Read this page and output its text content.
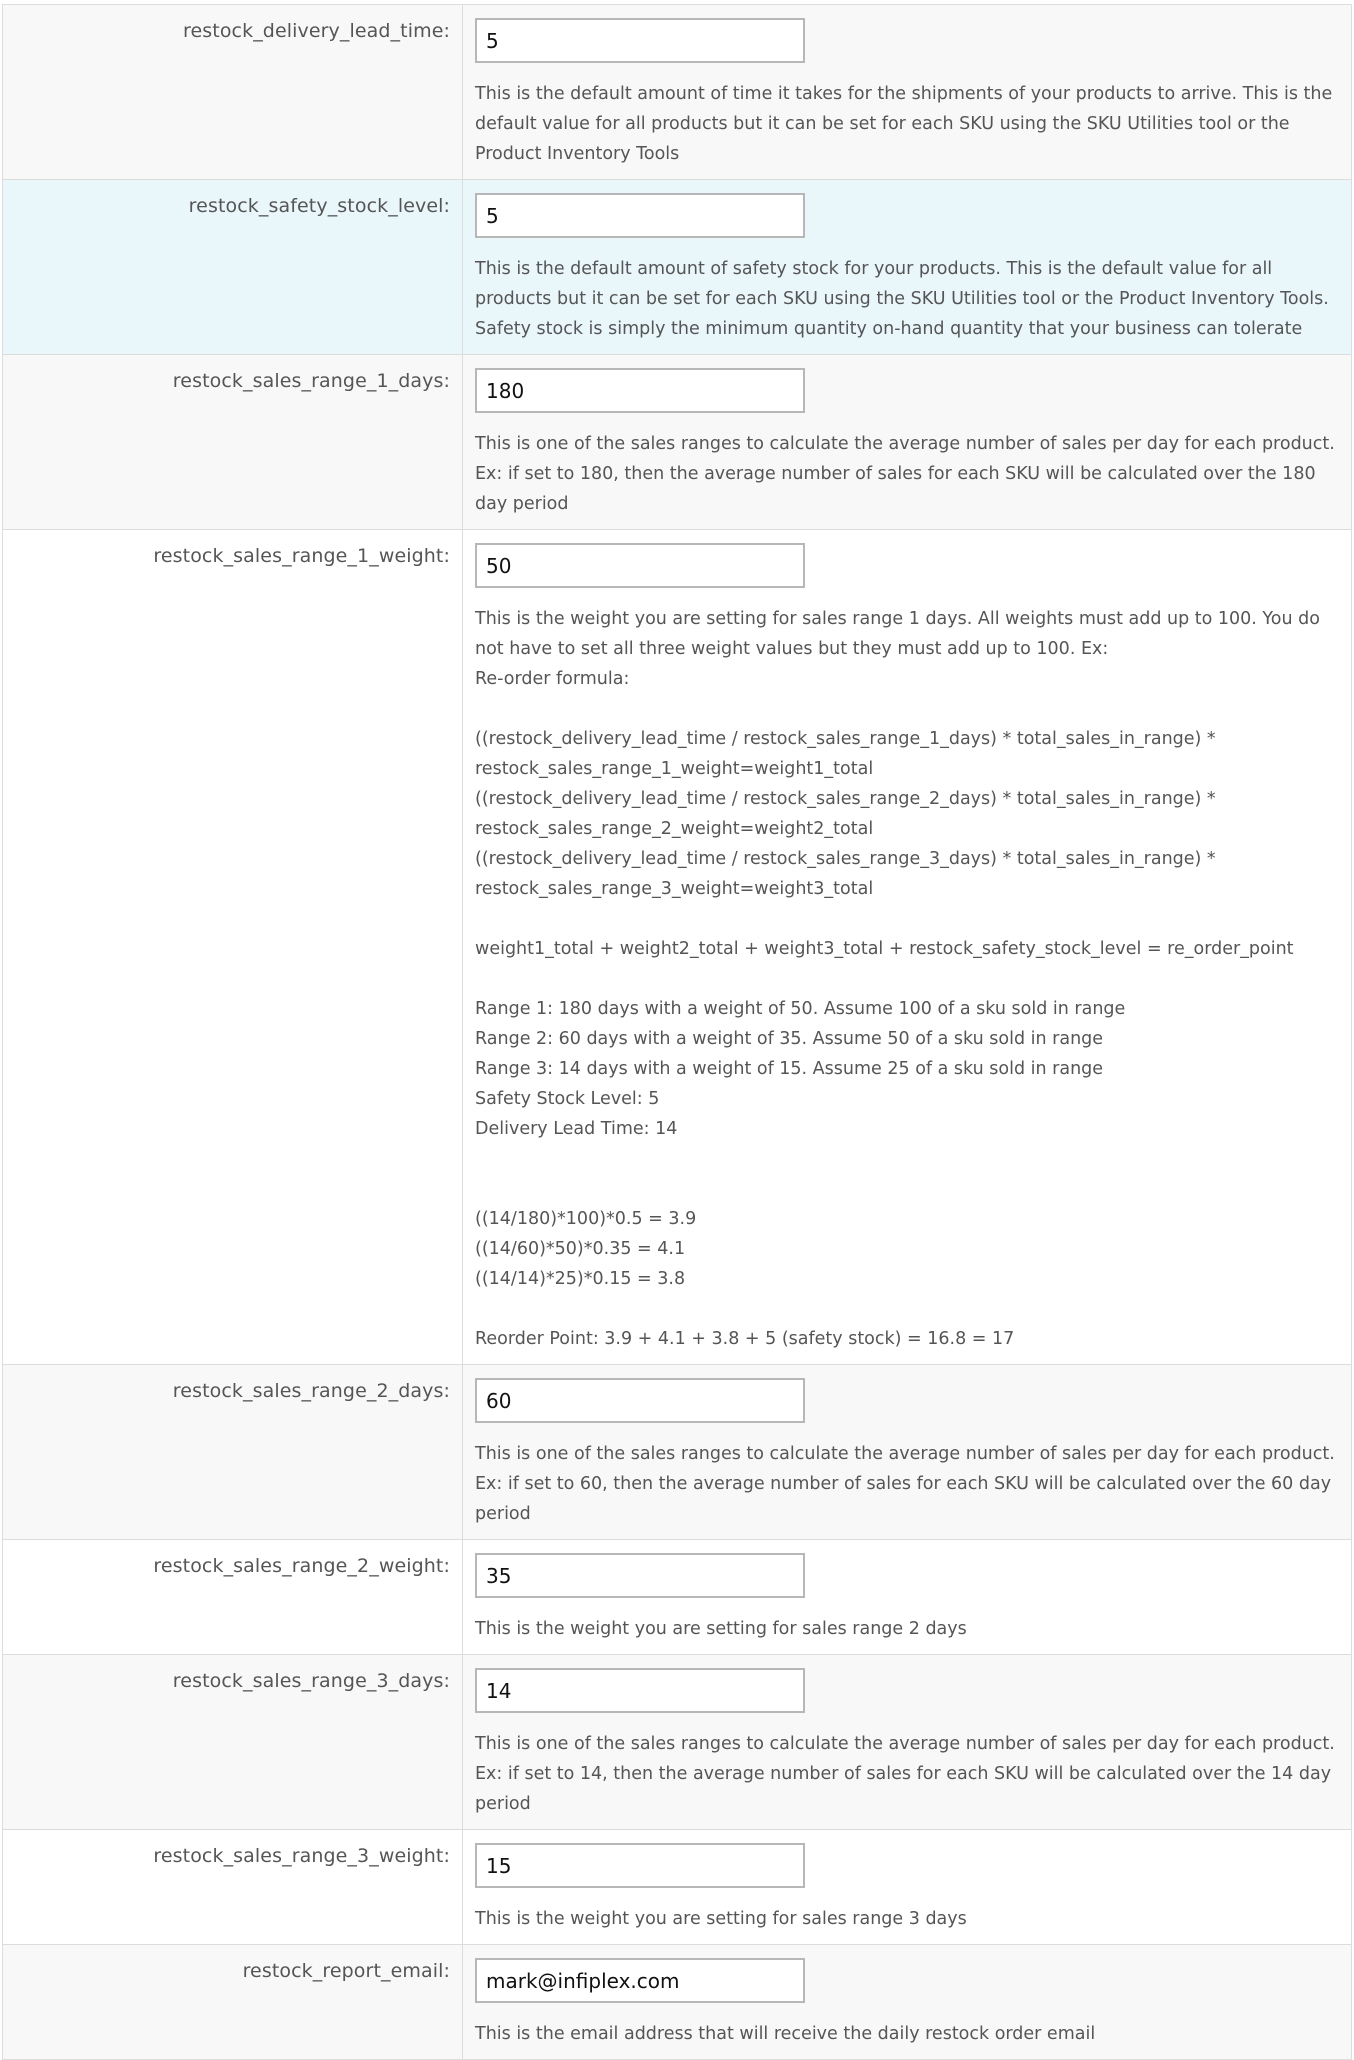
restock_delivery_lead_time:
5
This is the default amount of time it takes for the shipments of your products to arrive. This is the default value for all products but it can be set for each SKU using the SKU Utilities tool or the Product Inventory Tools
restock_safety_stock_level:
5
This is the default amount of safety stock for your products. This is the default value for all products but it can be set for each SKU using the SKU Utilities tool or the Product Inventory Tools. Safety stock is simply the minimum quantity on-hand quantity that your business can tolerate
restock_sales_range_1_days:
180
This is one of the sales ranges to calculate the average number of sales per day for each product. Ex: if set to 180, then the average number of sales for each SKU will be calculated over the 180 day period
restock_sales_range_1_weight:
50
This is the weight you are setting for sales range 1 days. All weights must add up to 100. You do not have to set all three weight values but they must add up to 100. Ex:
Re-order formula:

((restock_delivery_lead_time / restock_sales_range_1_days) * total_sales_in_range) *
restock_sales_range_1_weight=weight1_total
((restock_delivery_lead_time / restock_sales_range_2_days) * total_sales_in_range) *
restock_sales_range_2_weight=weight2_total
((restock_delivery_lead_time / restock_sales_range_3_days) * total_sales_in_range) *
restock_sales_range_3_weight=weight3_total

weight1_total + weight2_total + weight3_total + restock_safety_stock_level = re_order_point

Range 1: 180 days with a weight of 50. Assume 100 of a sku sold in range
Range 2: 60 days with a weight of 35. Assume 50 of a sku sold in range
Range 3: 14 days with a weight of 15. Assume 25 of a sku sold in range
Safety Stock Level: 5
Delivery Lead Time: 14

((14/180)*100)*0.5 = 3.9
((14/60)*50)*0.35 = 4.1
((14/14)*25)*0.15 = 3.8

Reorder Point: 3.9 + 4.1 + 3.8 + 5 (safety stock) = 16.8 = 17
restock_sales_range_2_days:
60
This is one of the sales ranges to calculate the average number of sales per day for each product. Ex: if set to 60, then the average number of sales for each SKU will be calculated over the 60 day period
restock_sales_range_2_weight:
35
This is the weight you are setting for sales range 2 days
restock_sales_range_3_days:
14
This is one of the sales ranges to calculate the average number of sales per day for each product. Ex: if set to 14, then the average number of sales for each SKU will be calculated over the 14 day period
restock_sales_range_3_weight:
15
This is the weight you are setting for sales range 3 days
restock_report_email:
mark@infiplex.com
This is the email address that will receive the daily restock order email
